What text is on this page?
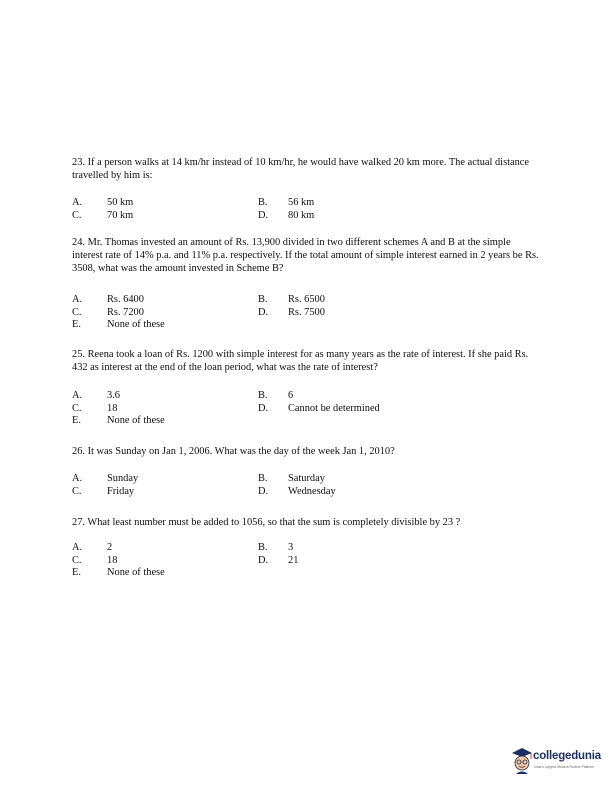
23. If a person walks at 14 km/hr instead of 10 km/hr, he would have walked 20 km more. The actual distance travelled by him is:

A. 50 km	B. 56 km
C. 70 km	D. 80 km

24. Mr. Thomas invested an amount of Rs. 13,900 divided in two different schemes A and B at the simple interest rate of 14% p.a. and 11% p.a. respectively. If the total amount of simple interest earned in 2 years be Rs. 3508, what was the amount invested in Scheme B?

A. Rs. 6400	B. Rs. 6500
C. Rs. 7200	D. Rs. 7500
E.	None of these

25. Reena took a loan of Rs. 1200 with simple interest for as many years as the rate of interest. If she paid Rs. 432 as interest at the end of the loan period, what was the rate of interest?

A. 3.6	B. 6
C. 18	D. Cannot be determined
E.	None of these

26. It was Sunday on Jan 1, 2006. What was the day of the week Jan 1, 2010?

A. Sunday	B. Saturday
C. Friday	D. Wednesday

27. What least number must be added to 1056, so that the sum is completely divisible by 23 ?

A. 2	B. 3
C. 18	D. 21
E.	None of these
collegedunia
India's Largest Student Review Platform
